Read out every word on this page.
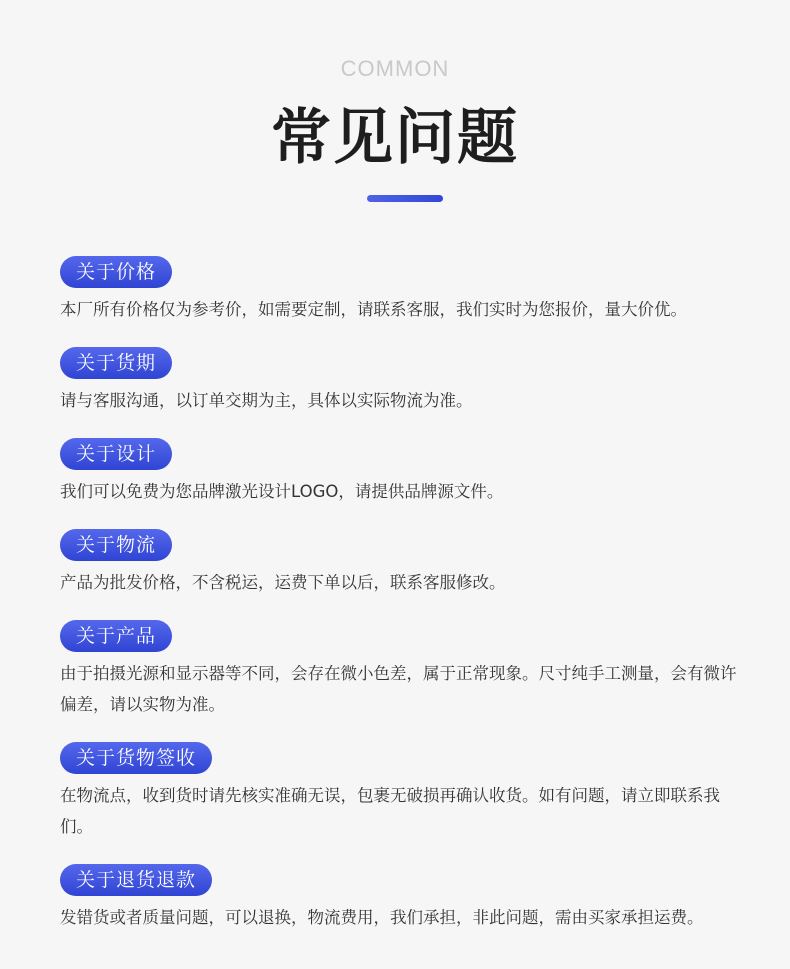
COMMON
常见问题
关于价格
本厂所有价格仅为参考价，如需要定制，请联系客服，我们实时为您报价，量大价优。
关于货期
请与客服沟通，以订单交期为主，具体以实际物流为准。
关于设计
我们可以免费为您品牌激光设计LOGO，请提供品牌源文件。
关于物流
产品为批发价格，不含税运，运费下单以后，联系客服修改。
关于产品
由于拍摄光源和显示器等不同，会存在微小色差，属于正常现象。尺寸纯手工测量，会有微许偏差，请以实物为准。
关于货物签收
在物流点，收到货时请先核实准确无误，包裹无破损再确认收货。如有问题，请立即联系我们。
关于退货退款
发错货或者质量问题，可以退换，物流费用，我们承担，非此问题，需由买家承担运费。
